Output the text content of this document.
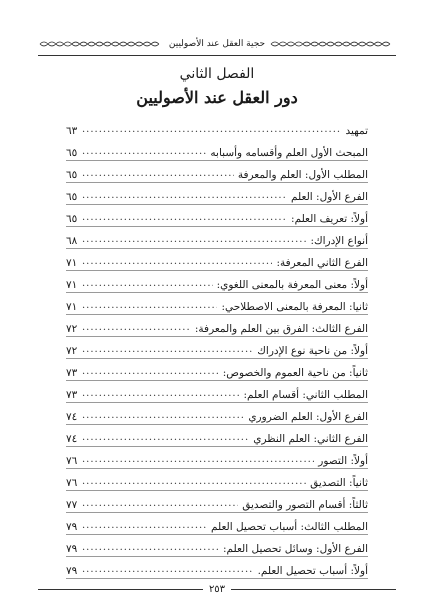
حجية العقل عند الأصوليين
الفصل الثاني
دور العقل عند الأصوليين
تمهيد
.....
٦٣
المبحث الأول العلم وأقسامه وأسبابه
.....
٦٥
المطلب الأول: العلم والمعرفة
.....
٦٥
الفرع الأول: العلم
.....
٦٥
أولاً: تعريف العلم:
.....
٦٥
أنواع الإدراك:
.....
٦٨
الفرع الثاني المعرفة:
.....
٧١
أولاً: معنى المعرفة بالمعنى اللغوي:
.....
٧١
ثانيا: المعرفة بالمعنى الاصطلاحي:
.....
٧١
الفرع الثالث: الفرق بين العلم والمعرفة:
.....
٧٢
أولاً: من ناحية نوع الإدراك
.....
٧٢
ثانياً: من ناحية العموم والخصوص:
.....
٧٣
المطلب الثاني: أقسام العلم:
.....
٧٣
الفرع الأول: العلم الضروري
.....
٧٤
الفرع الثاني: العلم النظري
.....
٧٤
أولاً: التصور
.....
٧٦
ثانياً: التصديق
.....
٧٦
ثالثاً: أقسام التصور والتصديق
.....
٧٧
المطلب الثالث: أسباب تحصيل العلم
.....
٧٩
الفرع الأول: وسائل تحصيل العلم:
.....
٧٩
أولاً: أسباب تحصيل العلم.
.....
٧٩
٢٥٣
